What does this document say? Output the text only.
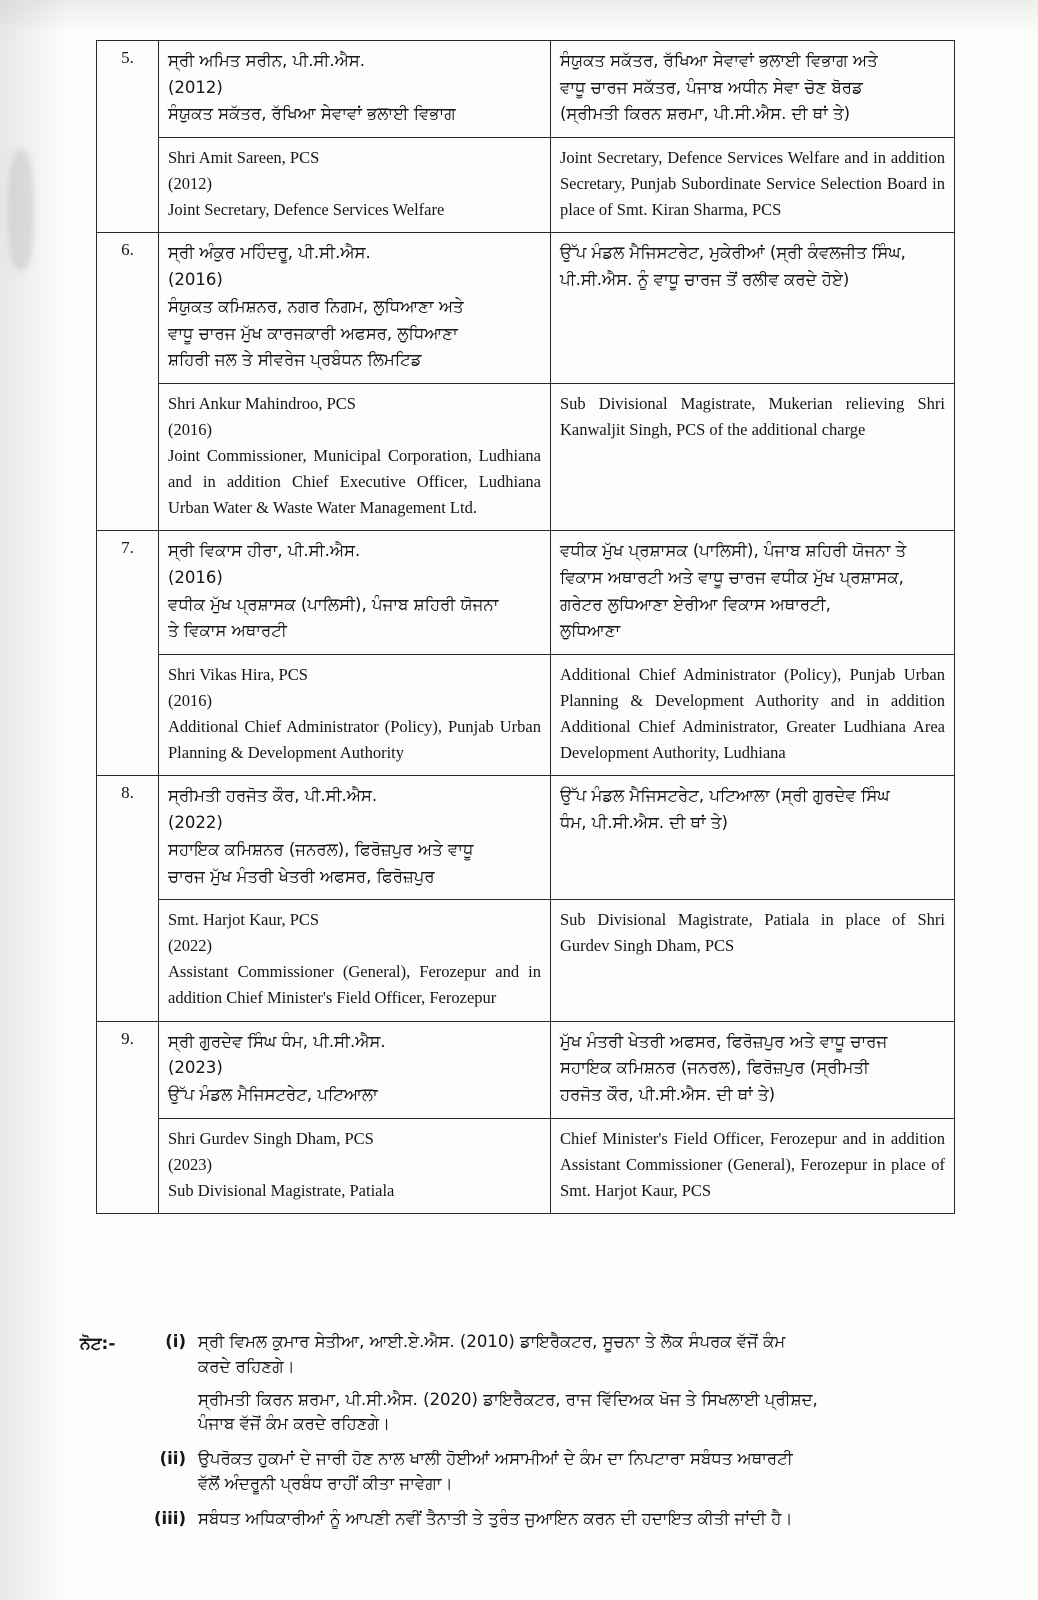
5.	ਸ੍ਰੀ ਅਮਿਤ ਸਰੀਨ, ਪੀ.ਸੀ.ਐਸ.
(2012)
ਸੰਯੁਕਤ ਸਕੱਤਰ, ਰੱਖਿਆ ਸੇਵਾਵਾਂ ਭਲਾਈ ਵਿਭਾਗ	ਸੰਯੁਕਤ ਸਕੱਤਰ, ਰੱਖਿਆ ਸੇਵਾਵਾਂ ਭਲਾਈ ਵਿਭਾਗ ਅਤੇ
ਵਾਧੂ ਚਾਰਜ ਸਕੱਤਰ, ਪੰਜਾਬ ਅਧੀਨ ਸੇਵਾ ਚੋਣ ਬੋਰਡ
(ਸ੍ਰੀਮਤੀ ਕਿਰਨ ਸ਼ਰਮਾ, ਪੀ.ਸੀ.ਐਸ. ਦੀ ਥਾਂ ਤੇ)

	Shri Amit Sareen, PCS
(2012)
Joint Secretary, Defence Services Welfare	Joint Secretary, Defence Services Welfare and in addition Secretary, Punjab Subordinate Service Selection Board in place of Smt. Kiran Sharma, PCS
6.	ਸ੍ਰੀ ਅੰਕੁਰ ਮਹਿੰਦਰੂ, ਪੀ.ਸੀ.ਐਸ.
(2016)
ਸੰਯੁਕਤ ਕਮਿਸ਼ਨਰ, ਨਗਰ ਨਿਗਮ, ਲੁਧਿਆਣਾ ਅਤੇ
ਵਾਧੂ ਚਾਰਜ ਮੁੱਖ ਕਾਰਜਕਾਰੀ ਅਫਸਰ, ਲੁਧਿਆਣਾ
ਸ਼ਹਿਰੀ ਜਲ ਤੇ ਸੀਵਰੇਜ ਪ੍ਰਬੰਧਨ ਲਿਮਟਿਡ	ਉੱਪ ਮੰਡਲ ਮੈਜਿਸਟਰੇਟ, ਮੁਕੇਰੀਆਂ (ਸ੍ਰੀ ਕੰਵਲਜੀਤ ਸਿੰਘ,
ਪੀ.ਸੀ.ਐਸ. ਨੂੰ ਵਾਧੂ ਚਾਰਜ ਤੋਂ ਰਲੀਵ ਕਰਦੇ ਹੋਏ)

	Shri Ankur Mahindroo, PCS
(2016)
Joint Commissioner, Municipal Corporation, Ludhiana and in addition Chief Executive Officer, Ludhiana Urban Water & Waste Water Management Ltd.	Sub Divisional Magistrate, Mukerian relieving Shri Kanwaljit Singh, PCS of the additional charge
7.	ਸ੍ਰੀ ਵਿਕਾਸ ਹੀਰਾ, ਪੀ.ਸੀ.ਐਸ.
(2016)
ਵਧੀਕ ਮੁੱਖ ਪ੍ਰਸ਼ਾਸਕ (ਪਾਲਿਸੀ), ਪੰਜਾਬ ਸ਼ਹਿਰੀ ਯੋਜਨਾ
ਤੇ ਵਿਕਾਸ ਅਥਾਰਟੀ	ਵਧੀਕ ਮੁੱਖ ਪ੍ਰਸ਼ਾਸਕ (ਪਾਲਿਸੀ), ਪੰਜਾਬ ਸ਼ਹਿਰੀ ਯੋਜਨਾ ਤੇ
ਵਿਕਾਸ ਅਥਾਰਟੀ ਅਤੇ ਵਾਧੂ ਚਾਰਜ ਵਧੀਕ ਮੁੱਖ ਪ੍ਰਸ਼ਾਸਕ,
ਗਰੇਟਰ ਲੁਧਿਆਣਾ ਏਰੀਆ ਵਿਕਾਸ ਅਥਾਰਟੀ,
ਲੁਧਿਆਣਾ

	Shri Vikas Hira, PCS
(2016)
Additional Chief Administrator (Policy), Punjab Urban Planning & Development Authority	Additional Chief Administrator (Policy), Punjab Urban Planning & Development Authority and in addition Additional Chief Administrator, Greater Ludhiana Area Development Authority, Ludhiana
8.	ਸ੍ਰੀਮਤੀ ਹਰਜੋਤ ਕੌਰ, ਪੀ.ਸੀ.ਐਸ.
(2022)
ਸਹਾਇਕ ਕਮਿਸ਼ਨਰ (ਜਨਰਲ), ਫਿਰੋਜ਼ਪੁਰ ਅਤੇ ਵਾਧੂ
ਚਾਰਜ ਮੁੱਖ ਮੰਤਰੀ ਖੇਤਰੀ ਅਫਸਰ, ਫਿਰੋਜ਼ਪੁਰ	ਉੱਪ ਮੰਡਲ ਮੈਜਿਸਟਰੇਟ, ਪਟਿਆਲਾ (ਸ੍ਰੀ ਗੁਰਦੇਵ ਸਿੰਘ
ਧੰਮ, ਪੀ.ਸੀ.ਐਸ. ਦੀ ਥਾਂ ਤੇ)

	Smt. Harjot Kaur, PCS
(2022)
Assistant Commissioner (General), Ferozepur and in addition Chief Minister's Field Officer, Ferozepur	Sub Divisional Magistrate, Patiala in place of Shri Gurdev Singh Dham, PCS
9.	ਸ੍ਰੀ ਗੁਰਦੇਵ ਸਿੰਘ ਧੰਮ, ਪੀ.ਸੀ.ਐਸ.
(2023)
ਉੱਪ ਮੰਡਲ ਮੈਜਿਸਟਰੇਟ, ਪਟਿਆਲਾ	ਮੁੱਖ ਮੰਤਰੀ ਖੇਤਰੀ ਅਫਸਰ, ਫਿਰੋਜ਼ਪੁਰ ਅਤੇ ਵਾਧੂ ਚਾਰਜ
ਸਹਾਇਕ ਕਮਿਸ਼ਨਰ (ਜਨਰਲ), ਫਿਰੋਜ਼ਪੁਰ (ਸ੍ਰੀਮਤੀ
ਹਰਜੋਤ ਕੌਰ, ਪੀ.ਸੀ.ਐਸ. ਦੀ ਥਾਂ ਤੇ)

	Shri Gurdev Singh Dham, PCS
(2023)
Sub Divisional Magistrate, Patiala	Chief Minister's Field Officer, Ferozepur and in addition Assistant Commissioner (General), Ferozepur in place of Smt. Harjot Kaur, PCS
ਨੋਟ:-	(i) ਸ੍ਰੀ ਵਿਮਲ ਕੁਮਾਰ ਸੇਤੀਆ, ਆਈ.ਏ.ਐਸ. (2010) ਡਾਇਰੈਕਟਰ, ਸੂਚਨਾ ਤੇ ਲੋਕ ਸੰਪਰਕ ਵੱਜੋਂ ਕੰਮ
ਕਰਦੇ ਰਹਿਣਗੇ।
ਸ੍ਰੀਮਤੀ ਕਿਰਨ ਸ਼ਰਮਾ, ਪੀ.ਸੀ.ਐਸ. (2020) ਡਾਇਰੈਕਟਰ, ਰਾਜ ਵਿੱਦਿਅਕ ਖੋਜ ਤੇ ਸਿਖਲਾਈ ਪ੍ਰੀਸ਼ਦ,
ਪੰਜਾਬ ਵੱਜੋਂ ਕੰਮ ਕਰਦੇ ਰਹਿਣਗੇ।
(ii) ਉਪਰੋਕਤ ਹੁਕਮਾਂ ਦੇ ਜਾਰੀ ਹੋਣ ਨਾਲ ਖਾਲੀ ਹੋਈਆਂ ਅਸਾਮੀਆਂ ਦੇ ਕੰਮ ਦਾ ਨਿਪਟਾਰਾ ਸਬੰਧਤ ਅਥਾਰਟੀ
ਵੱਲੋਂ ਅੰਦਰੂਨੀ ਪ੍ਰਬੰਧ ਰਾਹੀਂ ਕੀਤਾ ਜਾਵੇਗਾ।
(iii) ਸਬੰਧਤ ਅਧਿਕਾਰੀਆਂ ਨੂੰ ਆਪਣੀ ਨਵੀਂ ਤੈਨਾਤੀ ਤੇ ਤੁਰੰਤ ਜੁਆਇਨ ਕਰਨ ਦੀ ਹਦਾਇਤ ਕੀਤੀ ਜਾਂਦੀ ਹੈ।
